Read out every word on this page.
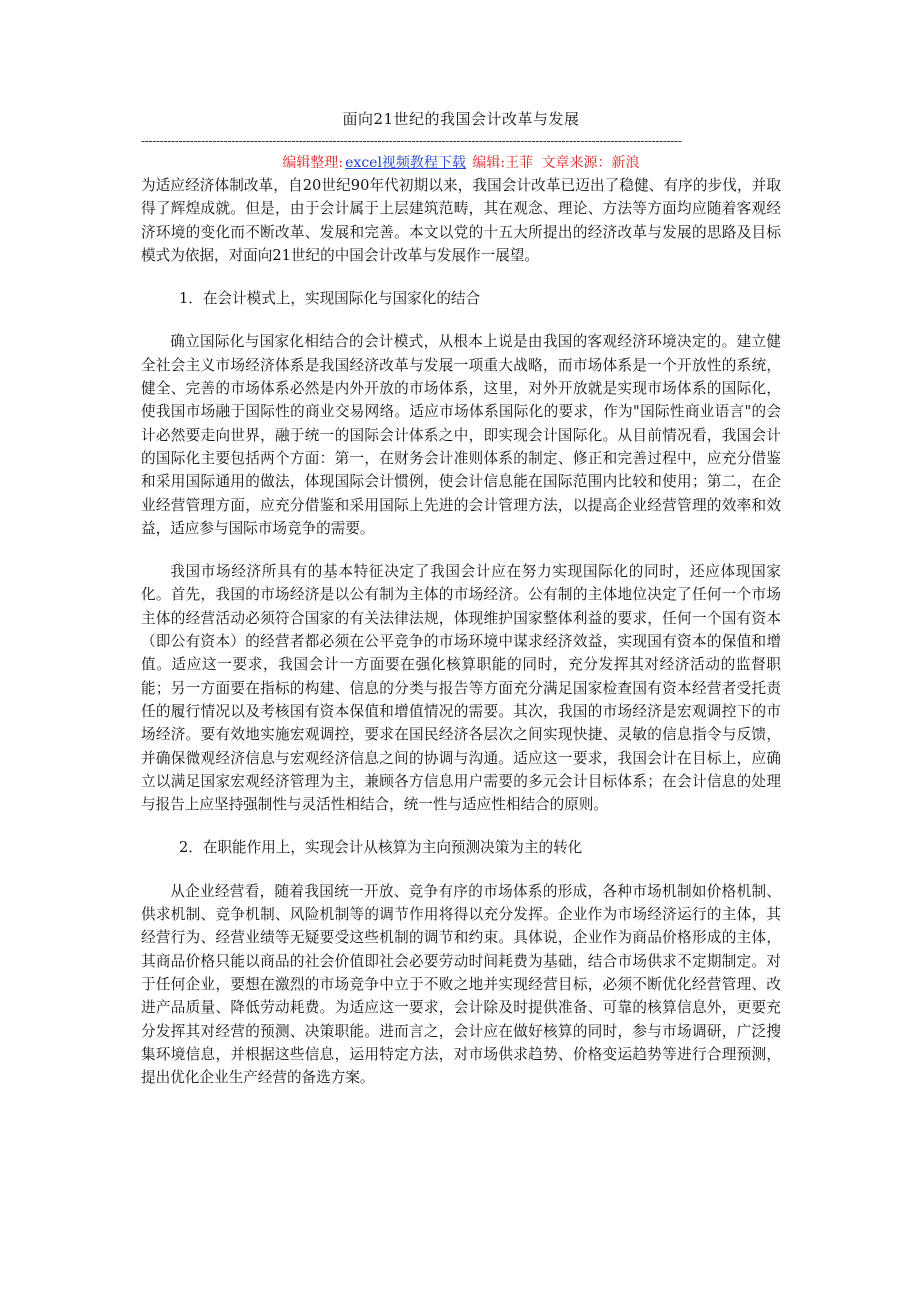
面向21世纪的我国会计改革与发展
------------------------------------------------------------------------------------------------------------------------------------------------
编辑整理: excel视频教程下载 编辑:王菲 文章来源：新浪

为适应经济体制改革，自20世纪90年代初期以来，我国会计改革已迈出了稳健、有序的步伐，并取得了辉煌成就。但是，由于会计属于上层建筑范畴，其在观念、理论、方法等方面均应随着客观经济环境的变化而不断改革、发展和完善。本文以党的十五大所提出的经济改革与发展的思路及目标模式为依据，对面向21世纪的中国会计改革与发展作一展望。

1．在会计模式上，实现国际化与国家化的结合

确立国际化与国家化相结合的会计模式，从根本上说是由我国的客观经济环境决定的。建立健全社会主义市场经济体系是我国经济改革与发展一项重大战略，而市场体系是一个开放性的系统，健全、完善的市场体系必然是内外开放的市场体系，这里，对外开放就是实现市场体系的国际化，使我国市场融于国际性的商业交易网络。适应市场体系国际化的要求，作为"国际性商业语言"的会计必然要走向世界，融于统一的国际会计体系之中，即实现会计国际化。从目前情况看，我国会计的国际化主要包括两个方面：第一，在财务会计准则体系的制定、修正和完善过程中，应充分借鉴和采用国际通用的做法，体现国际会计惯例，使会计信息能在国际范围内比较和使用；第二，在企业经营管理方面，应充分借鉴和采用国际上先进的会计管理方法，以提高企业经营管理的效率和效益，适应参与国际市场竞争的需要。

我国市场经济所具有的基本特征决定了我国会计应在努力实现国际化的同时，还应体现国家化。首先，我国的市场经济是以公有制为主体的市场经济。公有制的主体地位决定了任何一个市场主体的经营活动必须符合国家的有关法律法规，体现维护国家整体利益的要求，任何一个国有资本（即公有资本）的经营者都必须在公平竞争的市场环境中谋求经济效益，实现国有资本的保值和增值。适应这一要求，我国会计一方面要在强化核算职能的同时，充分发挥其对经济活动的监督职能；另一方面要在指标的构建、信息的分类与报告等方面充分满足国家检查国有资本经营者受托责任的履行情况以及考核国有资本保值和增值情况的需要。其次，我国的市场经济是宏观调控下的市场经济。要有效地实施宏观调控，要求在国民经济各层次之间实现快捷、灵敏的信息指令与反馈，并确保微观经济信息与宏观经济信息之间的协调与沟通。适应这一要求，我国会计在目标上，应确立以满足国家宏观经济管理为主，兼顾各方信息用户需要的多元会计目标体系；在会计信息的处理与报告上应坚持强制性与灵活性相结合，统一性与适应性相结合的原则。

2．在职能作用上，实现会计从核算为主向预测决策为主的转化

从企业经营看，随着我国统一开放、竞争有序的市场体系的形成，各种市场机制如价格机制、供求机制、竞争机制、风险机制等的调节作用将得以充分发挥。企业作为市场经济运行的主体，其经营行为、经营业绩等无疑要受这些机制的调节和约束。具体说，企业作为商品价格形成的主体，其商品价格只能以商品的社会价值即社会必要劳动时间耗费为基础，结合市场供求不定期制定。对于任何企业，要想在激烈的市场竞争中立于不败之地并实现经营目标，必须不断优化经营管理、改进产品质量、降低劳动耗费。为适应这一要求，会计除及时提供准备、可靠的核算信息外，更要充分发挥其对经营的预测、决策职能。进而言之，会计应在做好核算的同时，参与市场调研，广泛搜集环境信息，并根据这些信息，运用特定方法，对市场供求趋势、价格变运趋势等进行合理预测，提出优化企业生产经营的备选方案。
